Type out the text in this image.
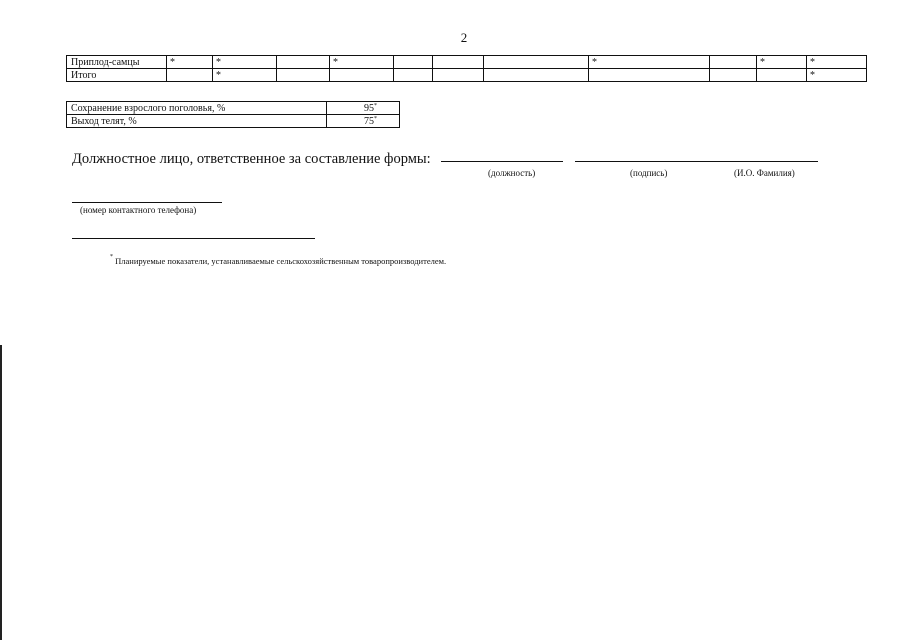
2
Приплод-самцы	*	*		*				*		*	*
Итого		*									*
Сохранение взрослого поголовья, %	95*
Выход телят, %	75*
Должностное лицо, ответственное за составление формы:
(должность)	(подпись)	(И.О. Фамилия)
(номер контактного телефона)
* Планируемые показатели, устанавливаемые сельскохозяйственным товаропроизводителем.
